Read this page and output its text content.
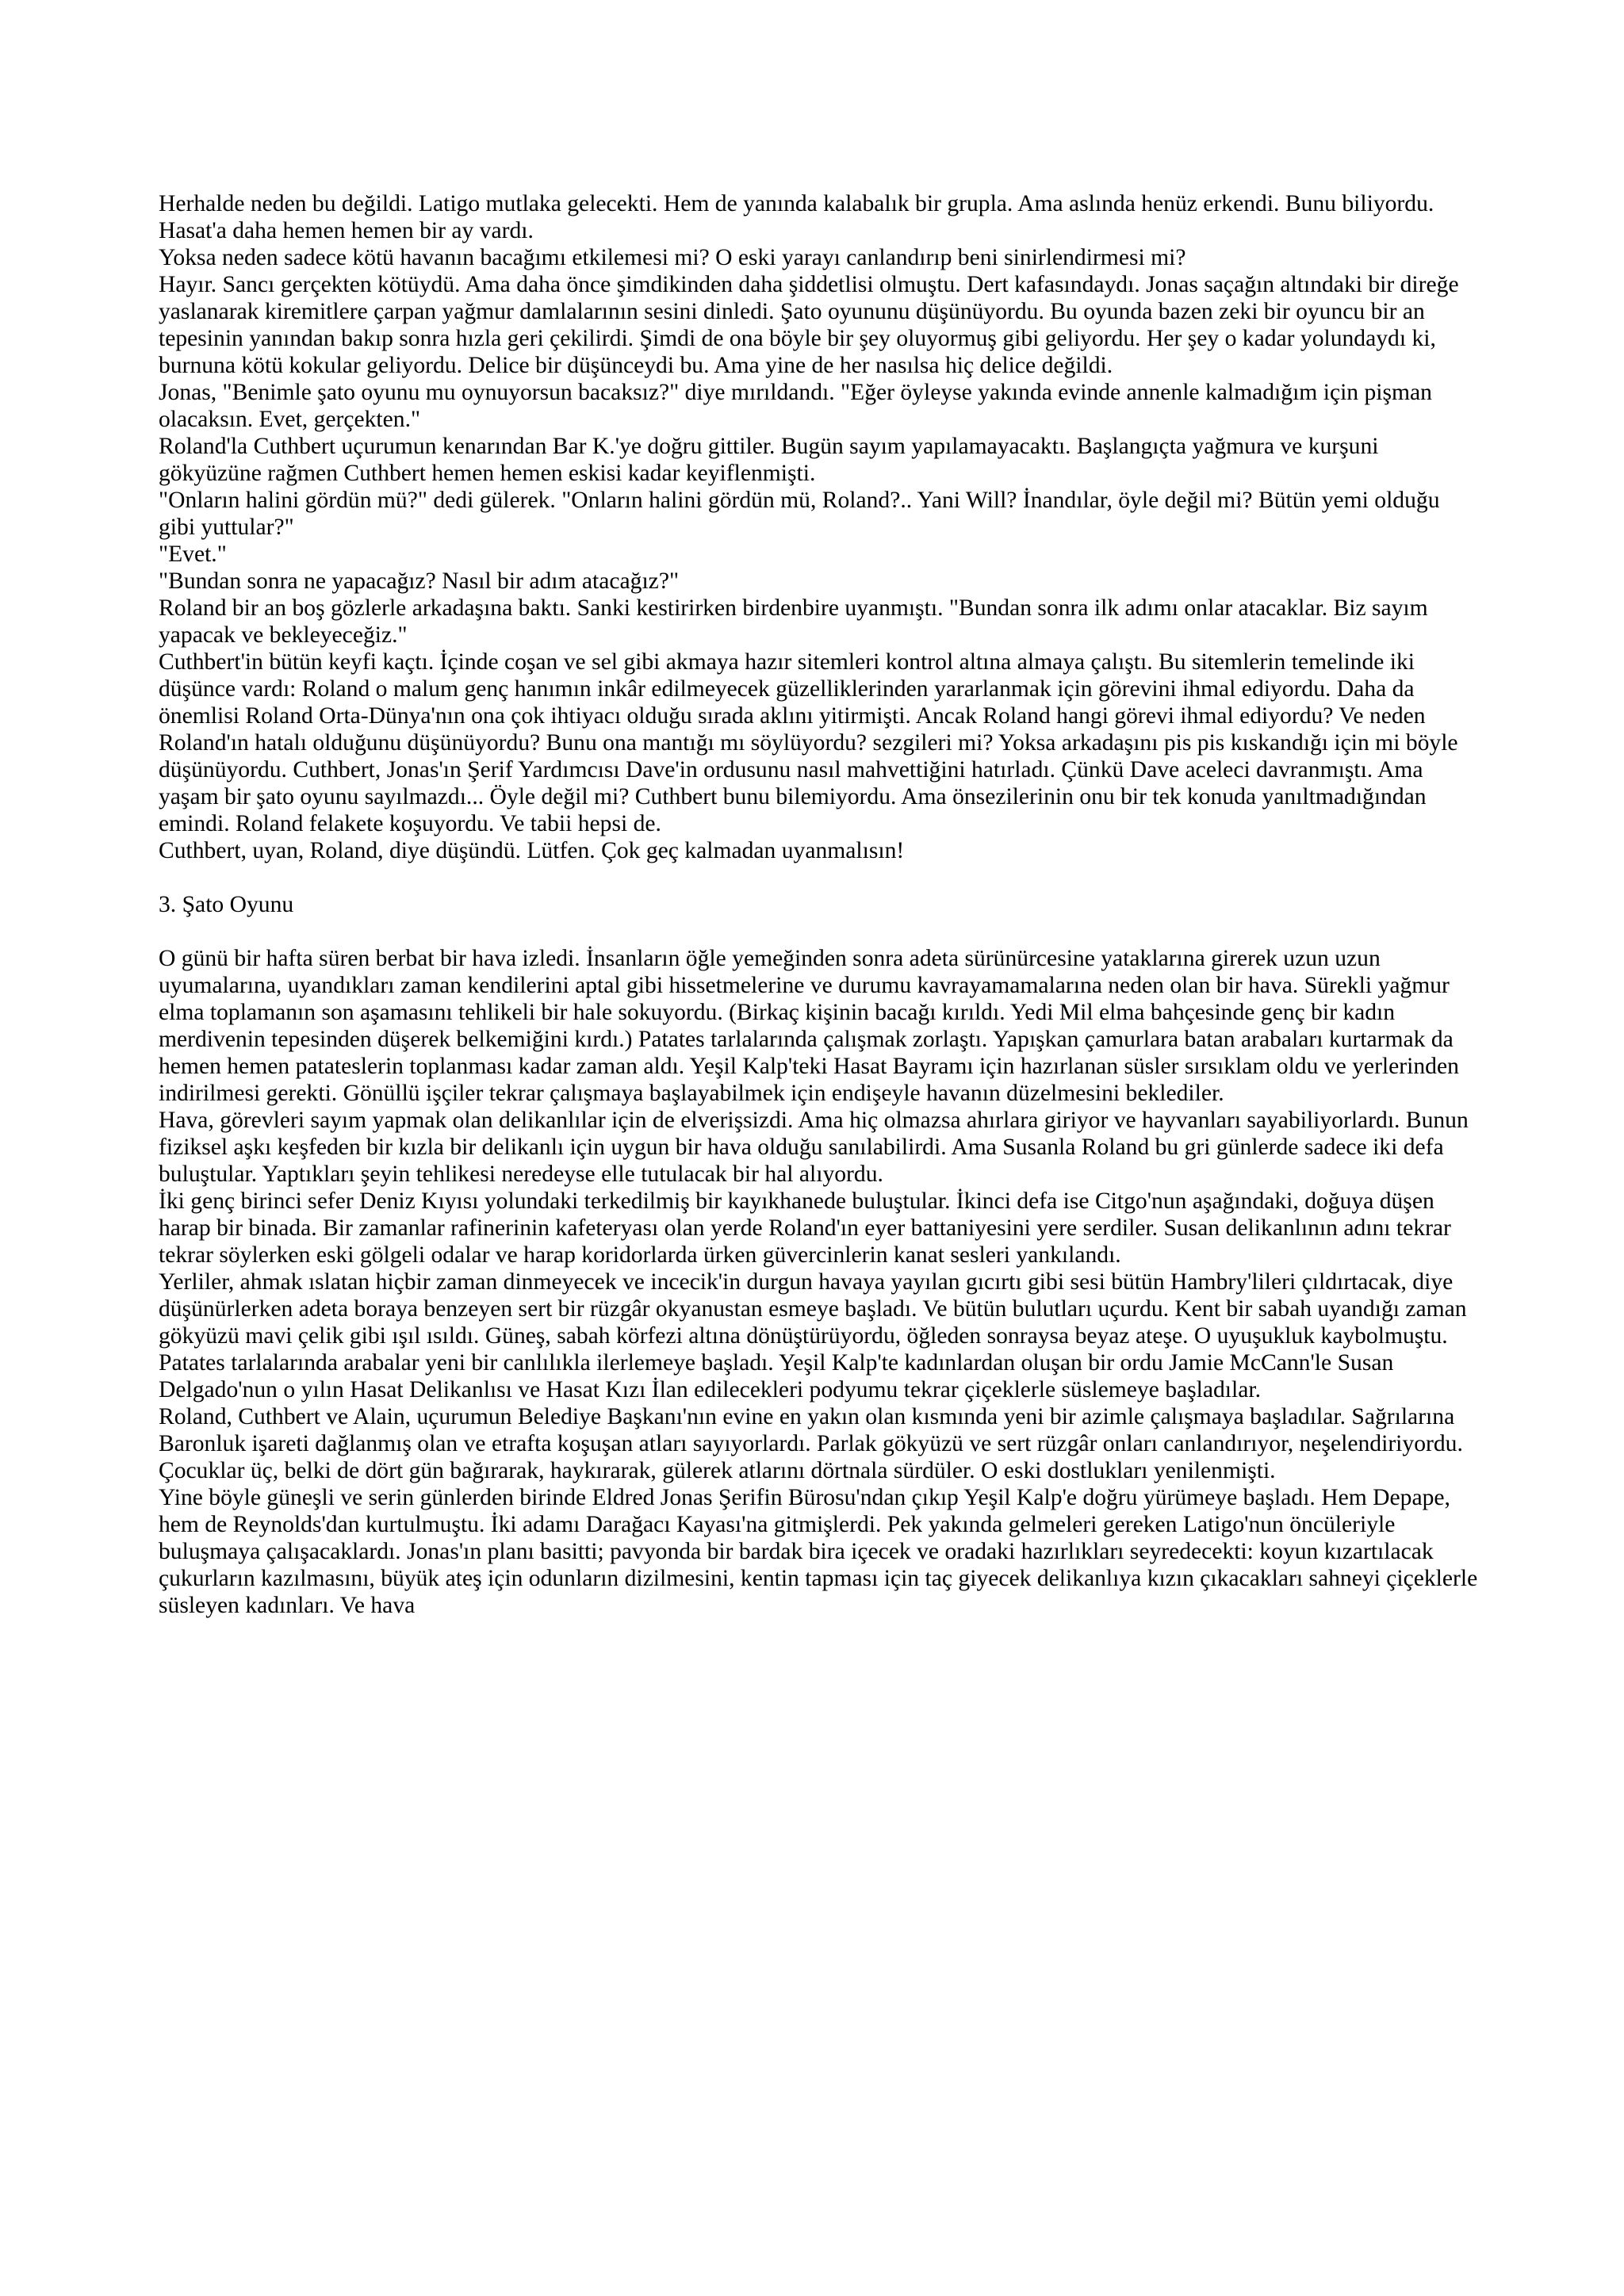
Herhalde neden bu değildi. Latigo mutlaka gelecekti. Hem de yanında kalabalık bir grupla. Ama aslında henüz erkendi. Bunu biliyordu. Hasat'a daha hemen hemen bir ay vardı.

Yoksa neden sadece kötü havanın bacağımı etkilemesi mi? O eski yarayı canlandırıp beni sinirlendirmesi mi?

Hayır. Sancı gerçekten kötüydü. Ama daha önce şimdikinden daha şiddetlisi olmuştu. Dert kafasındaydı. Jonas saçağın altındaki bir direğe yaslanarak kiremitlere çarpan yağmur damlalarının sesini dinledi. Şato oyununu düşünüyordu. Bu oyunda bazen zeki bir oyuncu bir an tepesinin yanından bakıp sonra hızla geri çekilirdi. Şimdi de ona böyle bir şey oluyormuş gibi geliyordu. Her şey o kadar yolundaydı ki, burnuna kötü kokular geliyordu. Delice bir düşünceydi bu. Ama yine de her nasılsa hiç delice değildi.

Jonas, "Benimle şato oyunu mu oynuyorsun bacaksız?" diye mırıldandı. "Eğer öyleyse yakında evinde annenle kalmadığım için pişman olacaksın. Evet, gerçekten."

Roland'la Cuthbert uçurumun kenarından Bar K.'ye doğru gittiler. Bugün sayım yapılamayacaktı. Başlangıçta yağmura ve kurşuni gökyüzüne rağmen Cuthbert hemen hemen eskisi kadar keyiflenmişti.

"Onların halini gördün mü?" dedi gülerek. "Onların halini gördün mü, Roland?.. Yani Will? İnandılar, öyle değil mi? Bütün yemi olduğu gibi yuttular?"

"Evet."

"Bundan sonra ne yapacağız? Nasıl bir adım atacağız?"

Roland bir an boş gözlerle arkadaşına baktı. Sanki kestirirken birdenbire uyanmıştı. "Bundan sonra ilk adımı onlar atacaklar. Biz sayım yapacak ve bekleyeceğiz."

Cuthbert'in bütün keyfi kaçtı. İçinde coşan ve sel gibi akmaya hazır sitemleri kontrol altına almaya çalıştı. Bu sitemlerin temelinde iki düşünce vardı: Roland o malum genç hanımın inkâr edilmeyecek güzelliklerinden yararlanmak için görevini ihmal ediyordu. Daha da önemlisi Roland Orta-Dünya'nın ona çok ihtiyacı olduğu sırada aklını yitirmişti. Ancak Roland hangi görevi ihmal ediyordu? Ve neden Roland'ın hatalı olduğunu düşünüyordu? Bunu ona mantığı mı söylüyordu? sezgileri mi? Yoksa arkadaşını pis pis kıskandığı için mi böyle düşünüyordu. Cuthbert, Jonas'ın Şerif Yardımcısı Dave'in ordusunu nasıl mahvettiğini hatırladı. Çünkü Dave aceleci davranmıştı. Ama yaşam bir şato oyunu sayılmazdı... Öyle değil mi? Cuthbert bunu bilemiyordu. Ama önsezilerinin onu bir tek konuda yanıltmadığından emindi. Roland felakete koşuyordu. Ve tabii hepsi de.

Cuthbert, uyan, Roland, diye düşündü. Lütfen. Çok geç kalmadan uyanmalısın!

3. Şato Oyunu

O günü bir hafta süren berbat bir hava izledi. İnsanların öğle yemeğinden sonra adeta sürünürcesine yataklarına girerek uzun uzun uyumalarına, uyandıkları zaman kendilerini aptal gibi hissetmelerine ve durumu kavrayamamalarına neden olan bir hava. Sürekli yağmur elma toplamanın son aşamasını tehlikeli bir hale sokuyordu. (Birkaç kişinin bacağı kırıldı. Yedi Mil elma bahçesinde genç bir kadın merdivenin tepesinden düşerek belkemiğini kırdı.) Patates tarlalarında çalışmak zorlaştı. Yapışkan çamurlara batan arabaları kurtarmak da hemen hemen patateslerin toplanması kadar zaman aldı. Yeşil Kalp'teki Hasat Bayramı için hazırlanan süsler sırsıklam oldu ve yerlerinden indirilmesi gerekti. Gönüllü işçiler tekrar çalışmaya başlayabilmek için endişeyle havanın düzelmesini beklediler.

Hava, görevleri sayım yapmak olan delikanlılar için de elverişsizdi. Ama hiç olmazsa ahırlara giriyor ve hayvanları sayabiliyorlardı. Bunun fiziksel aşkı keşfeden bir kızla bir delikanlı için uygun bir hava olduğu sanılabilirdi. Ama Susanla Roland bu gri günlerde sadece iki defa buluştular. Yaptıkları şeyin tehlikesi neredeyse elle tutulacak bir hal alıyordu.

İki genç birinci sefer Deniz Kıyısı yolundaki terkedilmiş bir kayıkhanede buluştular. İkinci defa ise Citgo'nun aşağındaki, doğuya düşen harap bir binada. Bir zamanlar rafinerinin kafeteryası olan yerde Roland'ın eyer battaniyesini yere serdiler. Susan delikanlının adını tekrar tekrar söylerken eski gölgeli odalar ve harap koridorlarda ürken güvercinlerin kanat sesleri yankılandı.

Yerliler, ahmak ıslatan hiçbir zaman dinmeyecek ve incecik'in durgun havaya yayılan gıcırtı gibi sesi bütün Hambry'lileri çıldırtacak, diye düşünürlerken adeta boraya benzeyen sert bir rüzgâr okyanustan esmeye başladı. Ve bütün bulutları uçurdu. Kent bir sabah uyandığı zaman gökyüzü mavi çelik gibi ışıl ısıldı. Güneş, sabah körfezi altına dönüştürüyordu, öğleden sonraysa beyaz ateşe. O uyuşukluk kaybolmuştu. Patates tarlalarında arabalar yeni bir canlılıkla ilerlemeye başladı. Yeşil Kalp'te kadınlardan oluşan bir ordu Jamie McCann'le Susan Delgado'nun o yılın Hasat Delikanlısı ve Hasat Kızı İlan edilecekleri podyumu tekrar çiçeklerle süslemeye başladılar.

Roland, Cuthbert ve Alain, uçurumun Belediye Başkanı'nın evine en yakın olan kısmında yeni bir azimle çalışmaya başladılar. Sağrılarına Baronluk işareti dağlanmış olan ve etrafta koşuşan atları sayıyorlardı. Parlak gökyüzü ve sert rüzgâr onları canlandırıyor, neşelendiriyordu. Çocuklar üç, belki de dört gün bağırarak, haykırarak, gülerek atlarını dörtnala sürdüler. O eski dostlukları yenilenmişti.

Yine böyle güneşli ve serin günlerden birinde Eldred Jonas Şerifin Bürosu'ndan çıkıp Yeşil Kalp'e doğru yürümeye başladı. Hem Depape, hem de Reynolds'dan kurtulmuştu. İki adamı Darağacı Kayası'na gitmişlerdi. Pek yakında gelmeleri gereken Latigo'nun öncüleriyle buluşmaya çalışacaklardı. Jonas'ın planı basitti; pavyonda bir bardak bira içecek ve oradaki hazırlıkları seyredecekti: koyun kızartılacak çukurların kazılmasını, büyük ateş için odunların dizilmesini, kentin tapması için taç giyecek delikanlıya kızın çıkacakları sahneyi çiçeklerle süsleyen kadınları. Ve hava
